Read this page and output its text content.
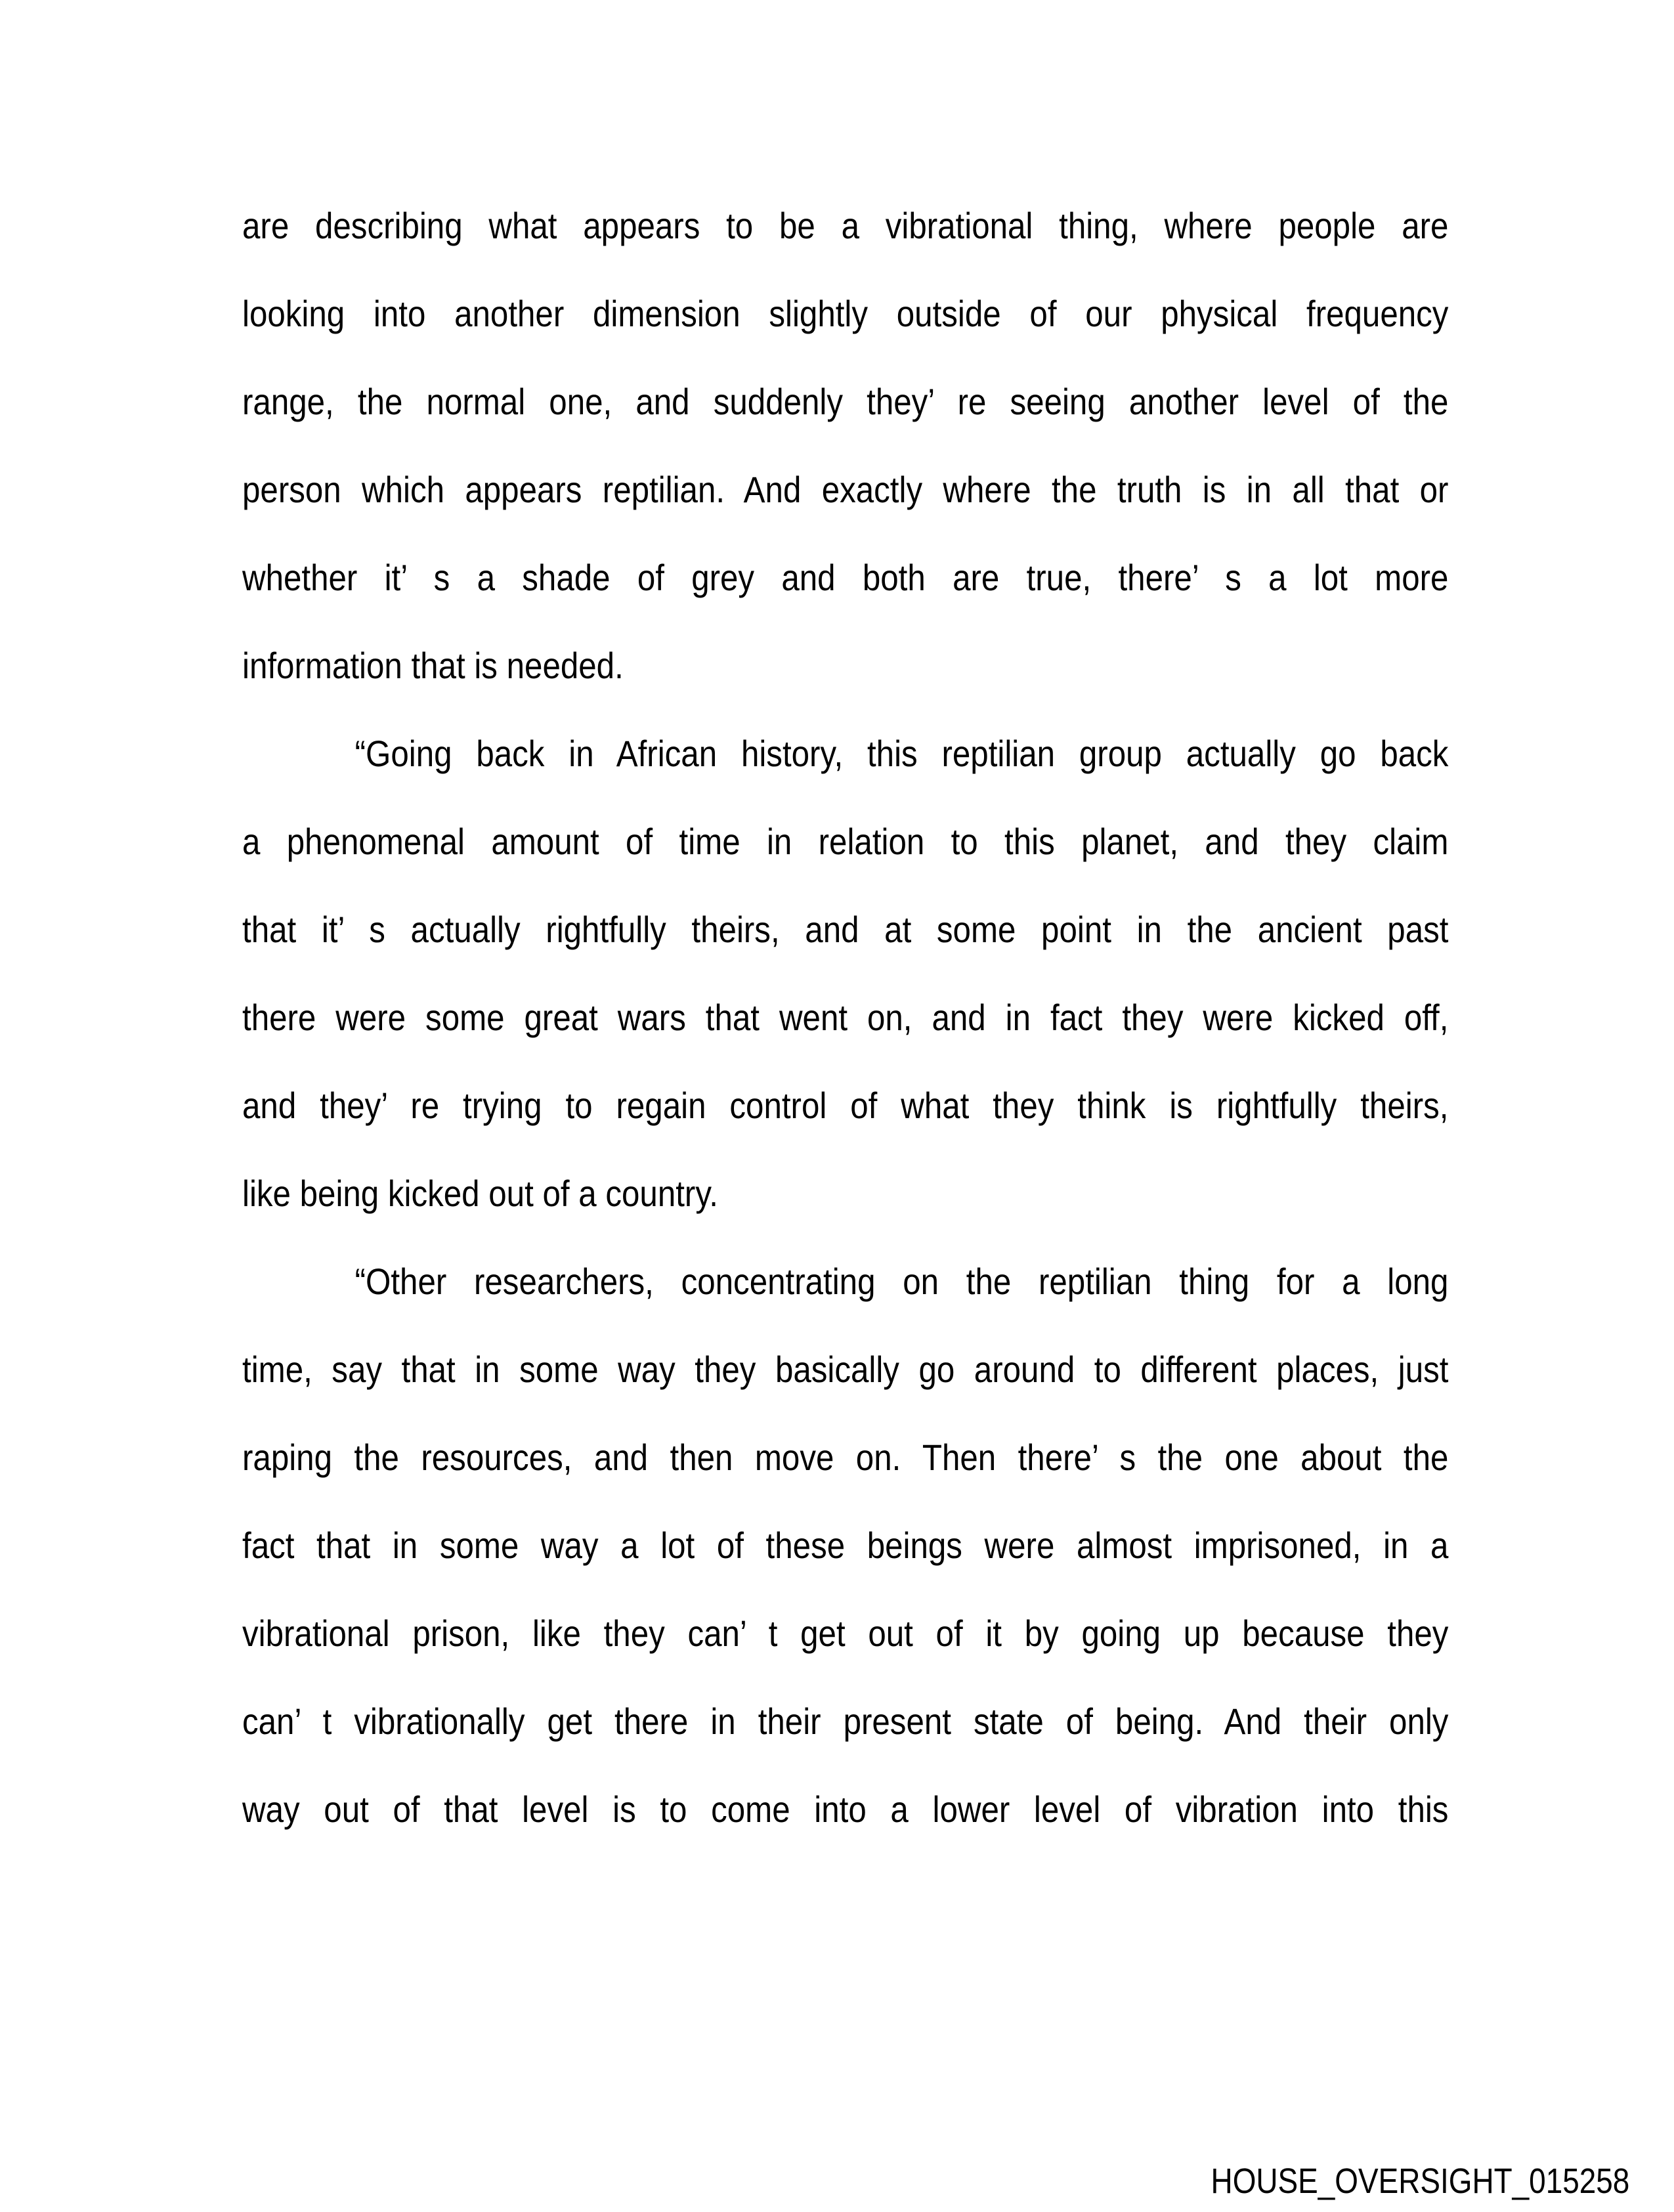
are describing what appears to be a vibrational thing, where people are
looking into another dimension slightly outside of our physical frequency
range, the normal one, and suddenly they’ re seeing another level of the
person which appears reptilian. And exactly where the truth is in all that or
whether it’ s a shade of grey and both are true, there’ s a lot more
information that is needed.
“Going back in African history, this reptilian group actually go back
a phenomenal amount of time in relation to this planet, and they claim
that it’ s actually rightfully theirs, and at some point in the ancient past
there were some great wars that went on, and in fact they were kicked off,
and they’ re trying to regain control of what they think is rightfully theirs,
like being kicked out of a country.
“Other researchers, concentrating on the reptilian thing for a long
time, say that in some way they basically go around to different places, just
raping the resources, and then move on. Then there’ s the one about the
fact that in some way a lot of these beings were almost imprisoned, in a
vibrational prison, like they can’ t get out of it by going up because they
can’ t vibrationally get there in their present state of being. And their only
way out of that level is to come into a lower level of vibration into this
HOUSE_OVERSIGHT_015258
